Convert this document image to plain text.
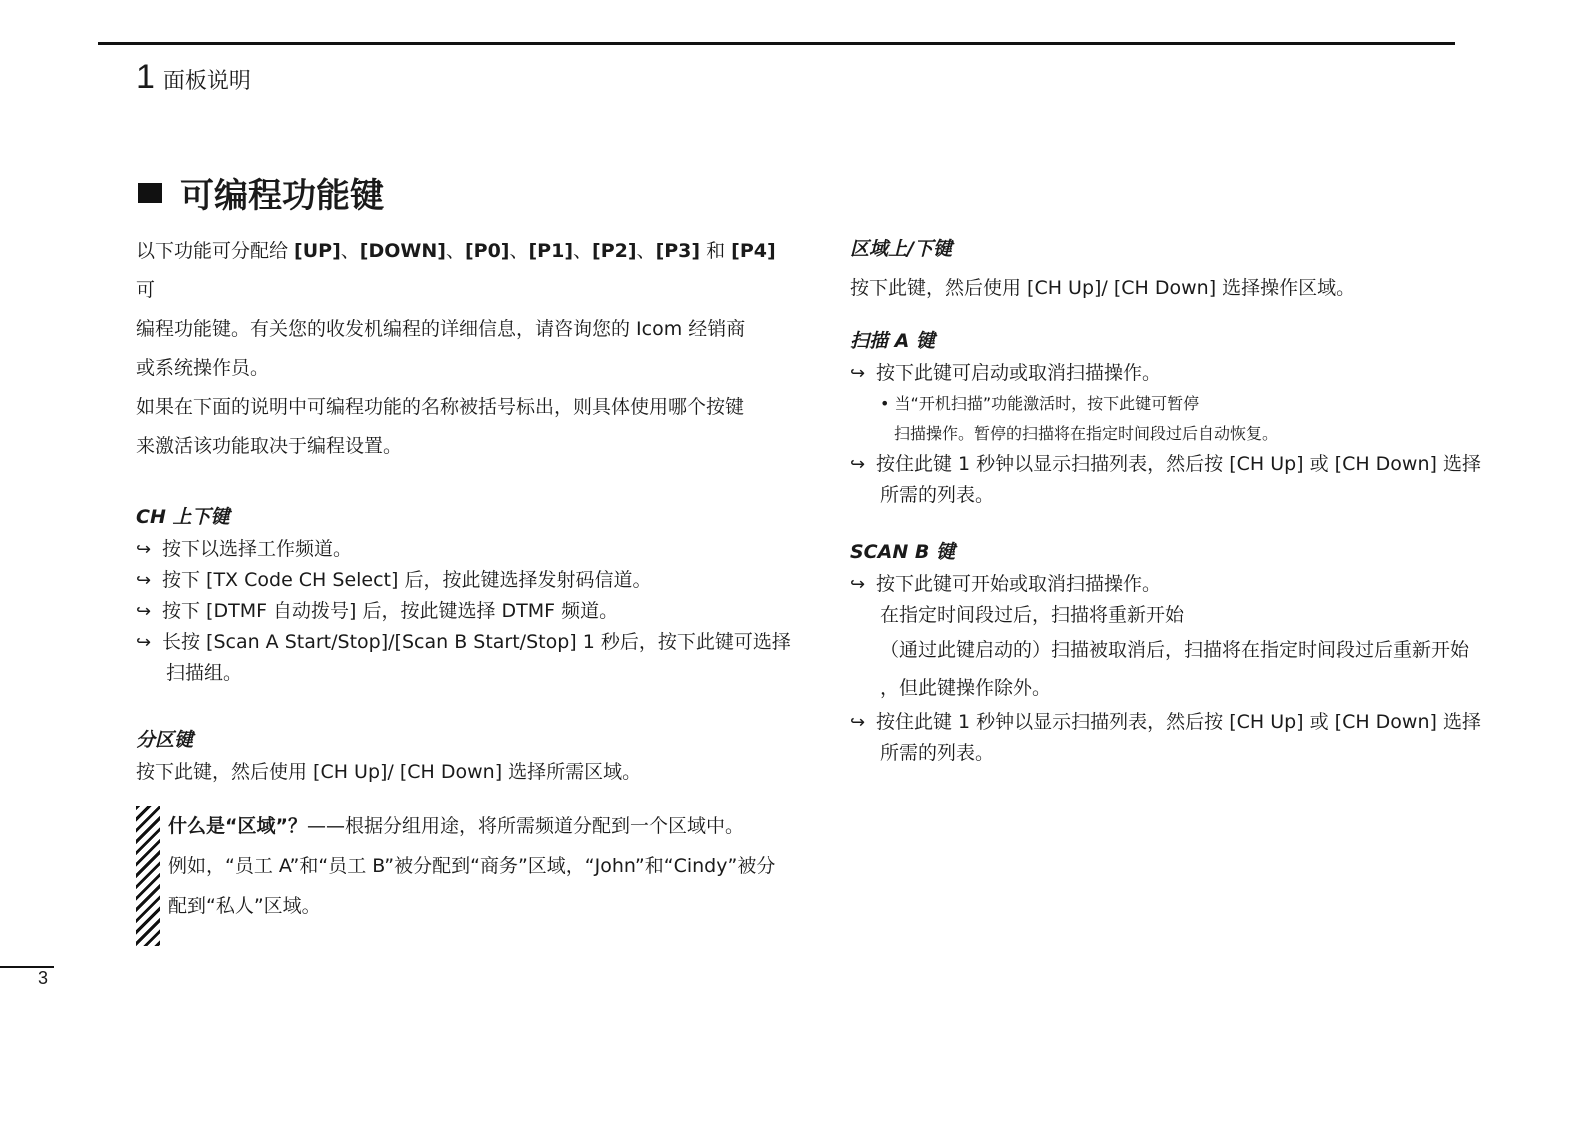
1 面板说明
可编程功能键

以下功能可分配给 [UP]、[DOWN]、[P0]、[P1]、[P2]、[P3] 和 [P4] 可
编程功能键。有关您的收发机编程的详细信息，请咨询您的 Icom 经销商
或系统操作员。

如果在下面的说明中可编程功能的名称被括号标出，则具体使用哪个按键
来激活该功能取决于编程设置。

CH 上下键

↪ 按下以选择工作频道。
↪ 按下 [TX Code CH Select] 后，按此键选择发射码信道。
↪ 按下 [DTMF 自动拨号] 后，按此键选择 DTMF 频道。
↪ 长按 [Scan A Start/Stop]/[Scan B Start/Stop] 1 秒后，按下此键可选择
扫描组。

分区键

按下此键，然后使用 [CH Up]/ [CH Down] 选择所需区域。
什么是“区域”？——根据分组用途，将所需频道分配到一个区域中。
例如，“员工 A”和“员工 B”被分配到“商务”区域，“John”和“Cindy”被分
配到“私人”区域。

区域上/下键

按下此键，然后使用 [CH Up]/ [CH Down] 选择操作区域。

扫描 A 键

↪ 按下此键可启动或取消扫描操作。
• 当“开机扫描”功能激活时，按下此键可暂停
扫描操作。暂停的扫描将在指定时间段过后自动恢复。
↪ 按住此键 1 秒钟以显示扫描列表，然后按 [CH Up] 或 [CH Down] 选择
所需的列表。

SCAN B 键

↪ 按下此键可开始或取消扫描操作。
在指定时间段过后，扫描将重新开始
（通过此键启动的）扫描被取消后，扫描将在指定时间段过后重新开始
，但此键操作除外。
↪ 按住此键 1 秒钟以显示扫描列表，然后按 [CH Up] 或 [CH Down] 选择
所需的列表。
3
